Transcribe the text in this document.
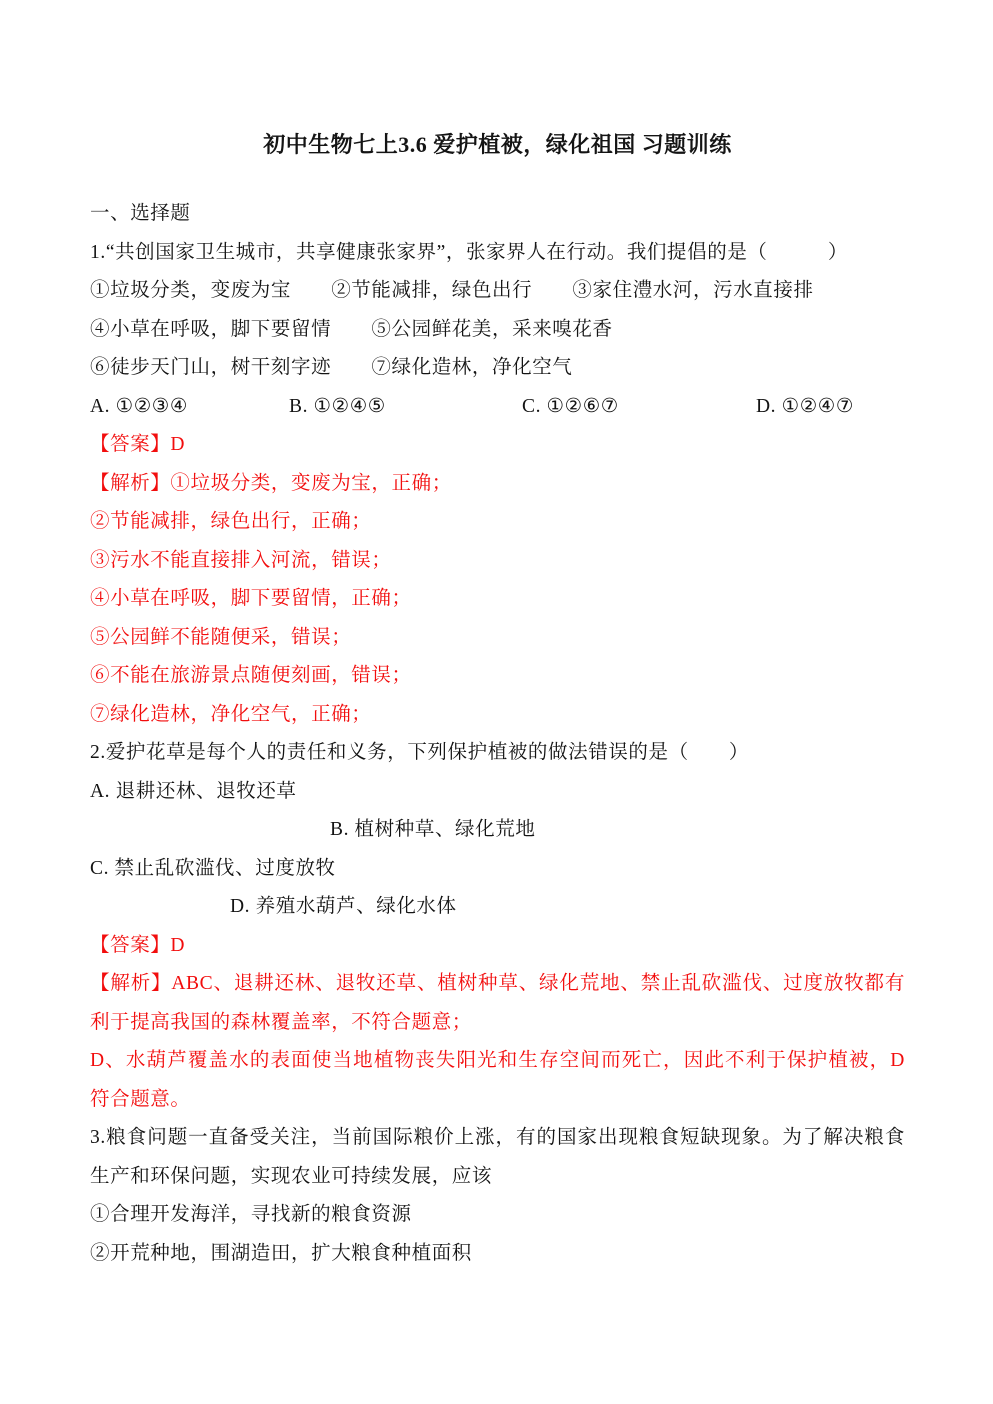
初中生物七上3.6 爱护植被，绿化祖国 习题训练
一、选择题
1.“共创国家卫生城市，共享健康张家界”，张家界人在行动。我们提倡的是（　　　）
①垃圾分类，变废为宝　　②节能减排，绿色出行　　③家住澧水河，污水直接排
④小草在呼吸，脚下要留情　　⑤公园鲜花美，采来嗅花香
⑥徒步天门山，树干刻字迹　　⑦绿化造林，净化空气
A. ①②③④	B. ①②④⑤	C. ①②⑥⑦	D. ①②④⑦
【答案】D
【解析】①垃圾分类，变废为宝，正确；
②节能减排，绿色出行，正确；
③污水不能直接排入河流，错误；
④小草在呼吸，脚下要留情，正确；
⑤公园鲜不能随便采，错误；
⑥不能在旅游景点随便刻画，错误；
⑦绿化造林，净化空气，正确；
2.爱护花草是每个人的责任和义务，下列保护植被的做法错误的是（　　）
A. 退耕还林、退牧还草
B. 植树种草、绿化荒地
C. 禁止乱砍滥伐、过度放牧
D. 养殖水葫芦、绿化水体
【答案】D
【解析】ABC、退耕还林、退牧还草、植树种草、绿化荒地、禁止乱砍滥伐、过度放牧都有
利于提高我国的森林覆盖率，不符合题意；
D、水葫芦覆盖水的表面使当地植物丧失阳光和生存空间而死亡，因此不利于保护植被，D
符合题意。
3.粮食问题一直备受关注，当前国际粮价上涨，有的国家出现粮食短缺现象。为了解决粮食
生产和环保问题，实现农业可持续发展，应该
①合理开发海洋，寻找新的粮食资源
②开荒种地，围湖造田，扩大粮食种植面积
